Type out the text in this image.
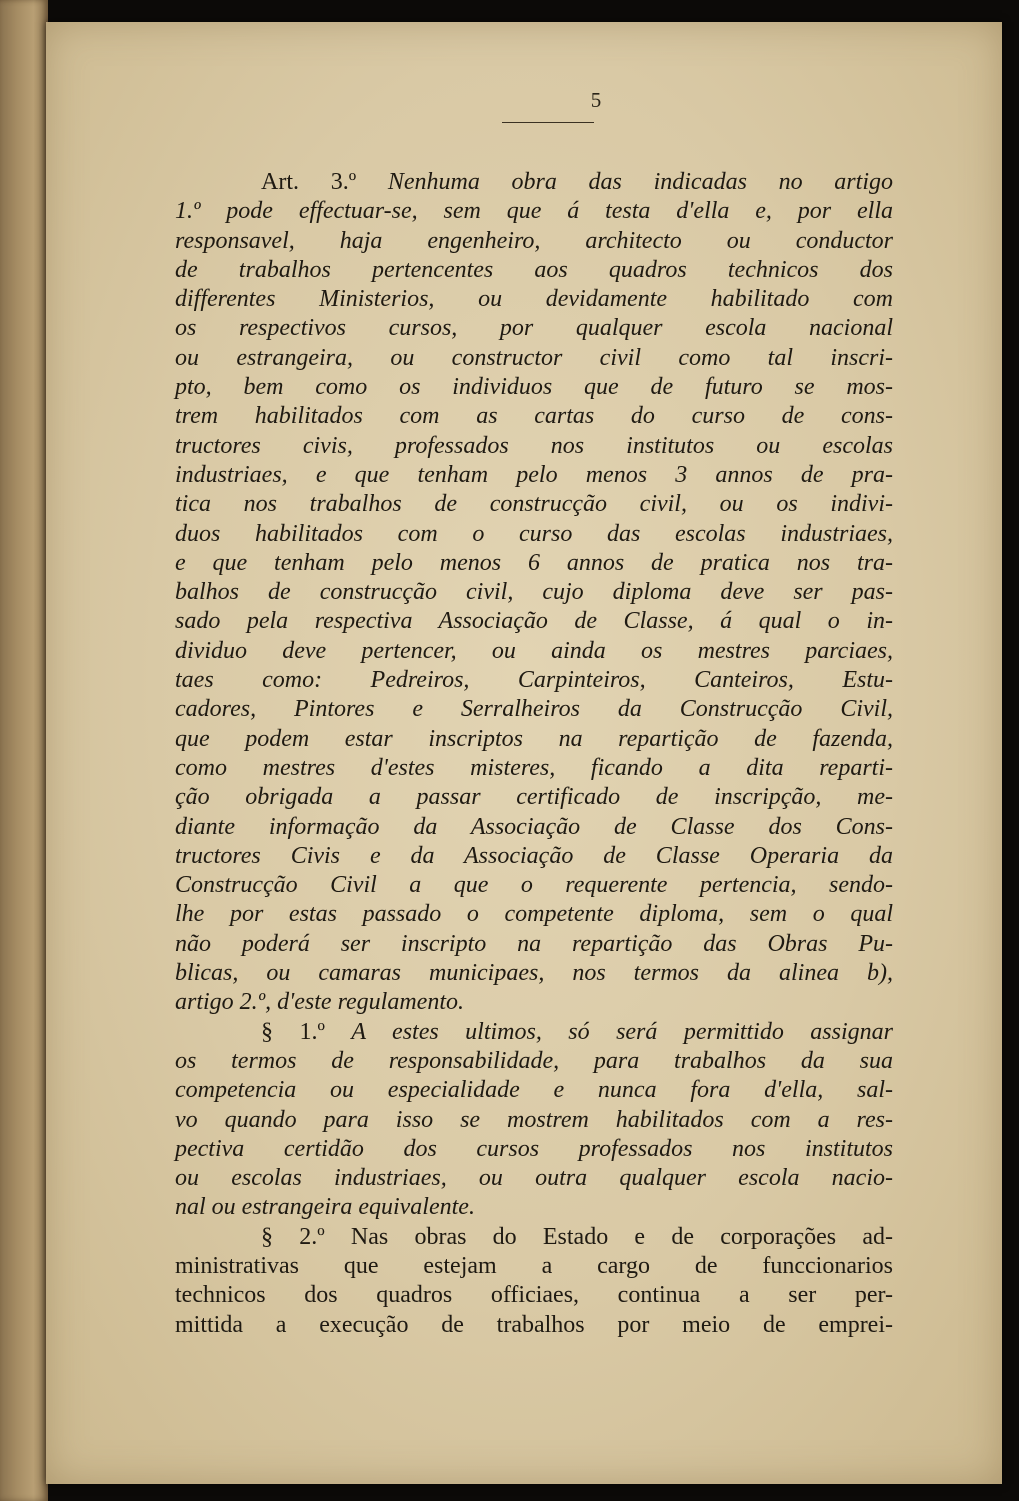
5
Art. 3.º Nenhuma obra das indicadas no artigo
1.º pode effectuar-se, sem que á testa d'ella e, por ella
responsavel, haja engenheiro, architecto ou conductor
de trabalhos pertencentes aos quadros technicos dos
differentes Ministerios, ou devidamente habilitado com
os respectivos cursos, por qualquer escola nacional
ou estrangeira, ou constructor civil como tal inscri-
pto, bem como os individuos que de futuro se mos-
trem habilitados com as cartas do curso de cons-
tructores civis, professados nos institutos ou escolas
industriaes, e que tenham pelo menos 3 annos de pra-
tica nos trabalhos de construcção civil, ou os indivi-
duos habilitados com o curso das escolas industriaes,
e que tenham pelo menos 6 annos de pratica nos tra-
balhos de construcção civil, cujo diploma deve ser pas-
sado pela respectiva Associação de Classe, á qual o in-
dividuo deve pertencer, ou ainda os mestres parciaes,
taes como: Pedreiros, Carpinteiros, Canteiros, Estu-
cadores, Pintores e Serralheiros da Construcção Civil,
que podem estar inscriptos na repartição de fazenda,
como mestres d'estes misteres, ficando a dita reparti-
ção obrigada a passar certificado de inscripção, me-
diante informação da Associação de Classe dos Cons-
tructores Civis e da Associação de Classe Operaria da
Construcção Civil a que o requerente pertencia, sendo-
lhe por estas passado o competente diploma, sem o qual
não poderá ser inscripto na repartição das Obras Pu-
blicas, ou camaras municipaes, nos termos da alinea b),
artigo 2.º, d'este regulamento.
§ 1.º A estes ultimos, só será permittido assignar
os termos de responsabilidade, para trabalhos da sua
competencia ou especialidade e nunca fora d'ella, sal-
vo quando para isso se mostrem habilitados com a res-
pectiva certidão dos cursos professados nos institutos
ou escolas industriaes, ou outra qualquer escola nacio-
nal ou estrangeira equivalente.
§ 2.º Nas obras do Estado e de corporações ad-
ministrativas que estejam a cargo de funccionarios
technicos dos quadros officiaes, continua a ser per-
mittida a execução de trabalhos por meio de emprei-
